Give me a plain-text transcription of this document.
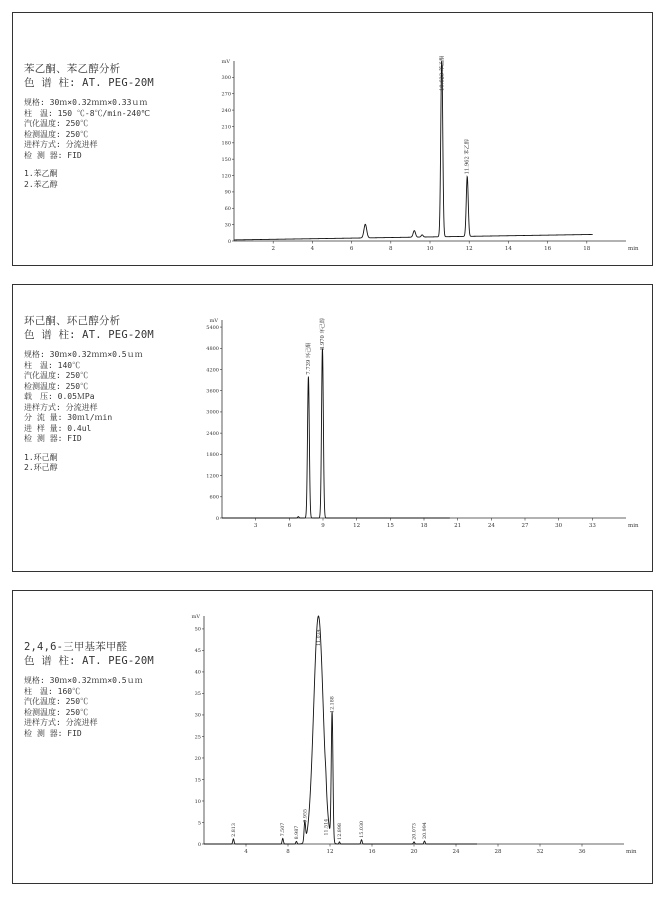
苯乙酮、苯乙醇分析
色 谱 柱: AT. PEG-20M
规格: 30ｍ×0.32ｍｍ×0.33ｕｍ
柱　温: 150 ℃-8℃/min-240℃
汽化温度: 250℃
检测温度: 250℃
进样方式: 分流进样
检 测 器: FID
1.苯乙酮
2.苯乙醇
0
30
60
90
120
150
180
210
240
270
300
2	4	6	8	10	12	14	16	18
mV
min
10.623 苯乙酮
11.962 苯乙醇
环己酮、环己醇分析
色 谱 柱: AT. PEG-20M
规格: 30ｍ×0.32ｍｍ×0.5ｕｍ
柱　温: 140℃
汽化温度: 250℃
检测温度: 250℃
载　压: 0.05ＭPa
进样方式: 分流进样
分 流 量: 30ｍl/ｍin
进 样 量: 0.4ul
检 测 器: FID
1.环己酮
2.环己醇
0
600
1200
1800
2400
3000
3600
4200
4800
5400
3	6	9	12	15	18	21	24	27	30	33
mV
min
7.739 环己酮
8.970 环己醇
2,4,6-三甲基苯甲醛
色 谱 柱: AT. PEG-20M
规格: 30ｍ×0.32ｍｍ×0.5ｕｍ
柱　温: 160℃
汽化温度: 250℃
检测温度: 250℃
进样方式: 分流进样
检 测 器: FID
0
5
10
15
20
25
30
35
40
45
50
4	8	12	16	20	24	28	32	36
mV
min
2.813	7.507 8.987
9.955
11.034
11.514
12.188
12.898	15.030	20.073 20.994
